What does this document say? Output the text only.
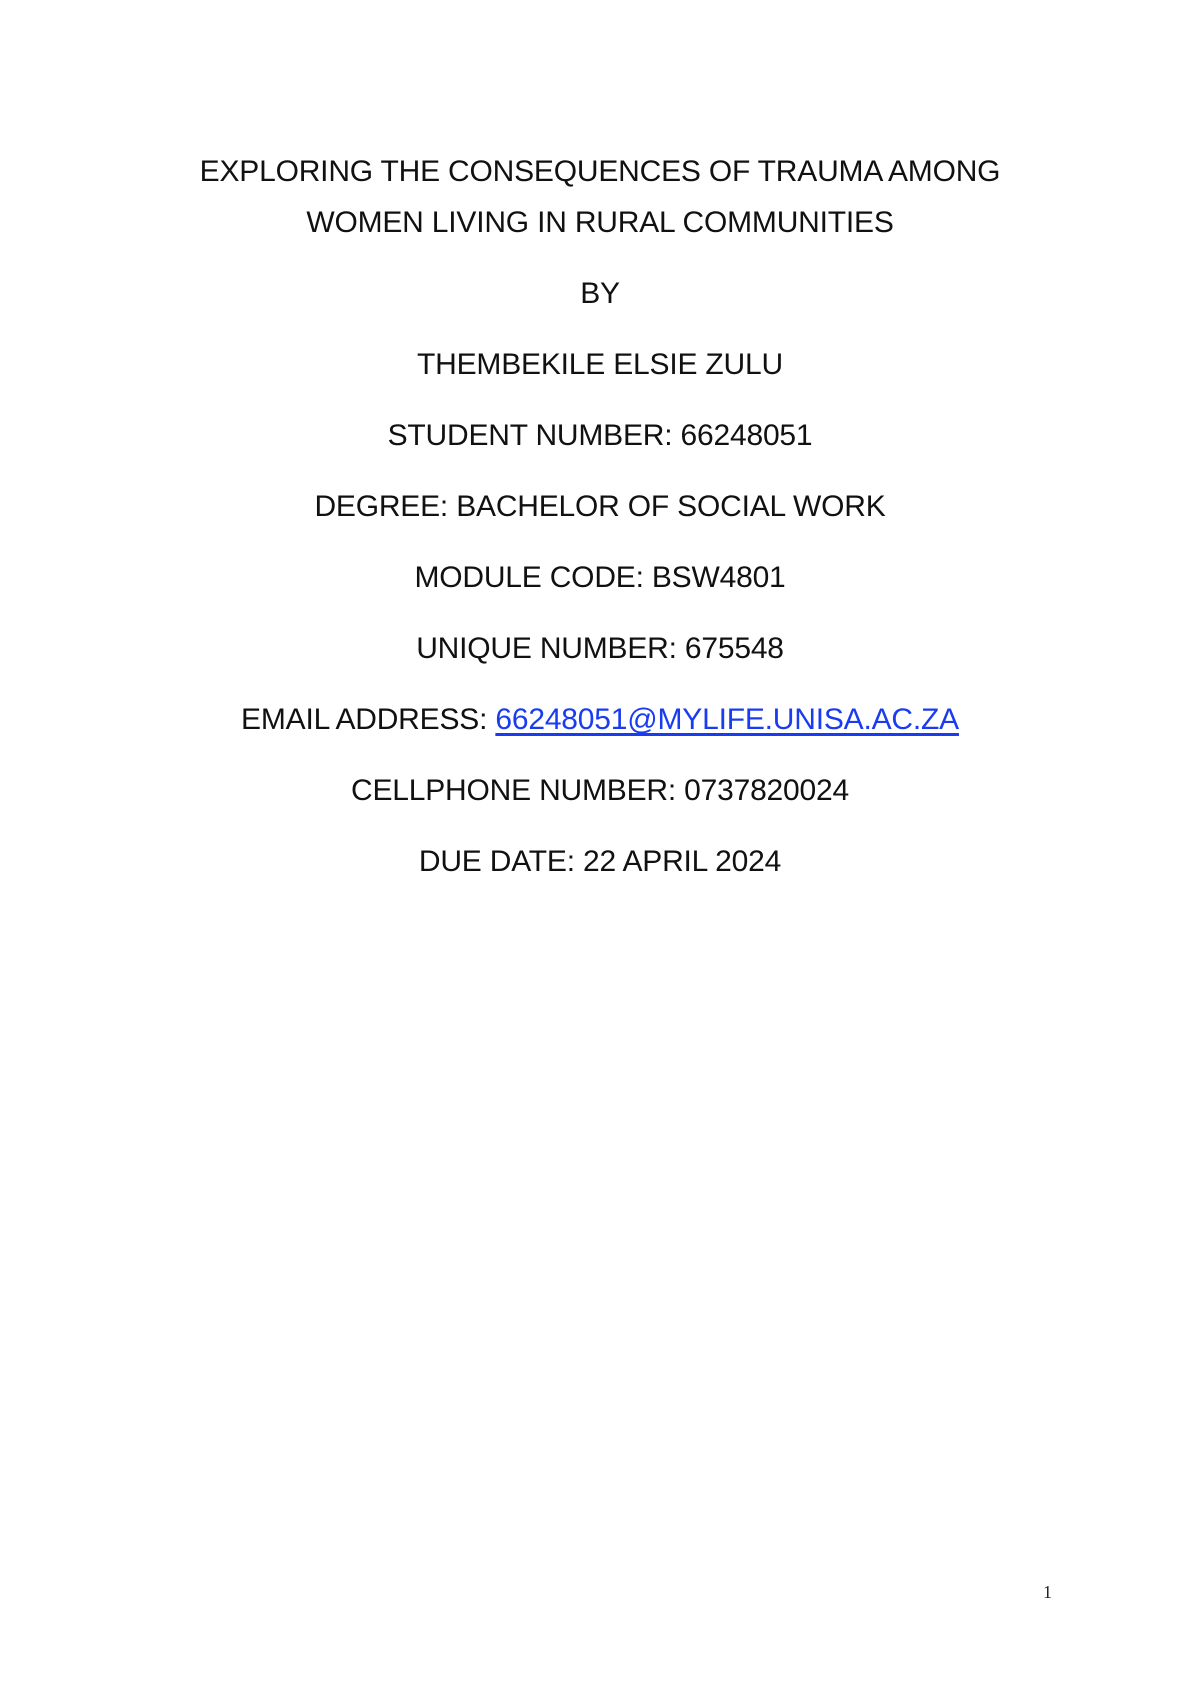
EXPLORING THE CONSEQUENCES OF TRAUMA AMONG
WOMEN LIVING IN RURAL COMMUNITIES
BY
THEMBEKILE ELSIE ZULU
STUDENT NUMBER: 66248051
DEGREE: BACHELOR OF SOCIAL WORK
MODULE CODE: BSW4801
UNIQUE NUMBER: 675548
EMAIL ADDRESS: 66248051@MYLIFE.UNISA.AC.ZA
CELLPHONE NUMBER: 0737820024
DUE DATE: 22 APRIL 2024
1
